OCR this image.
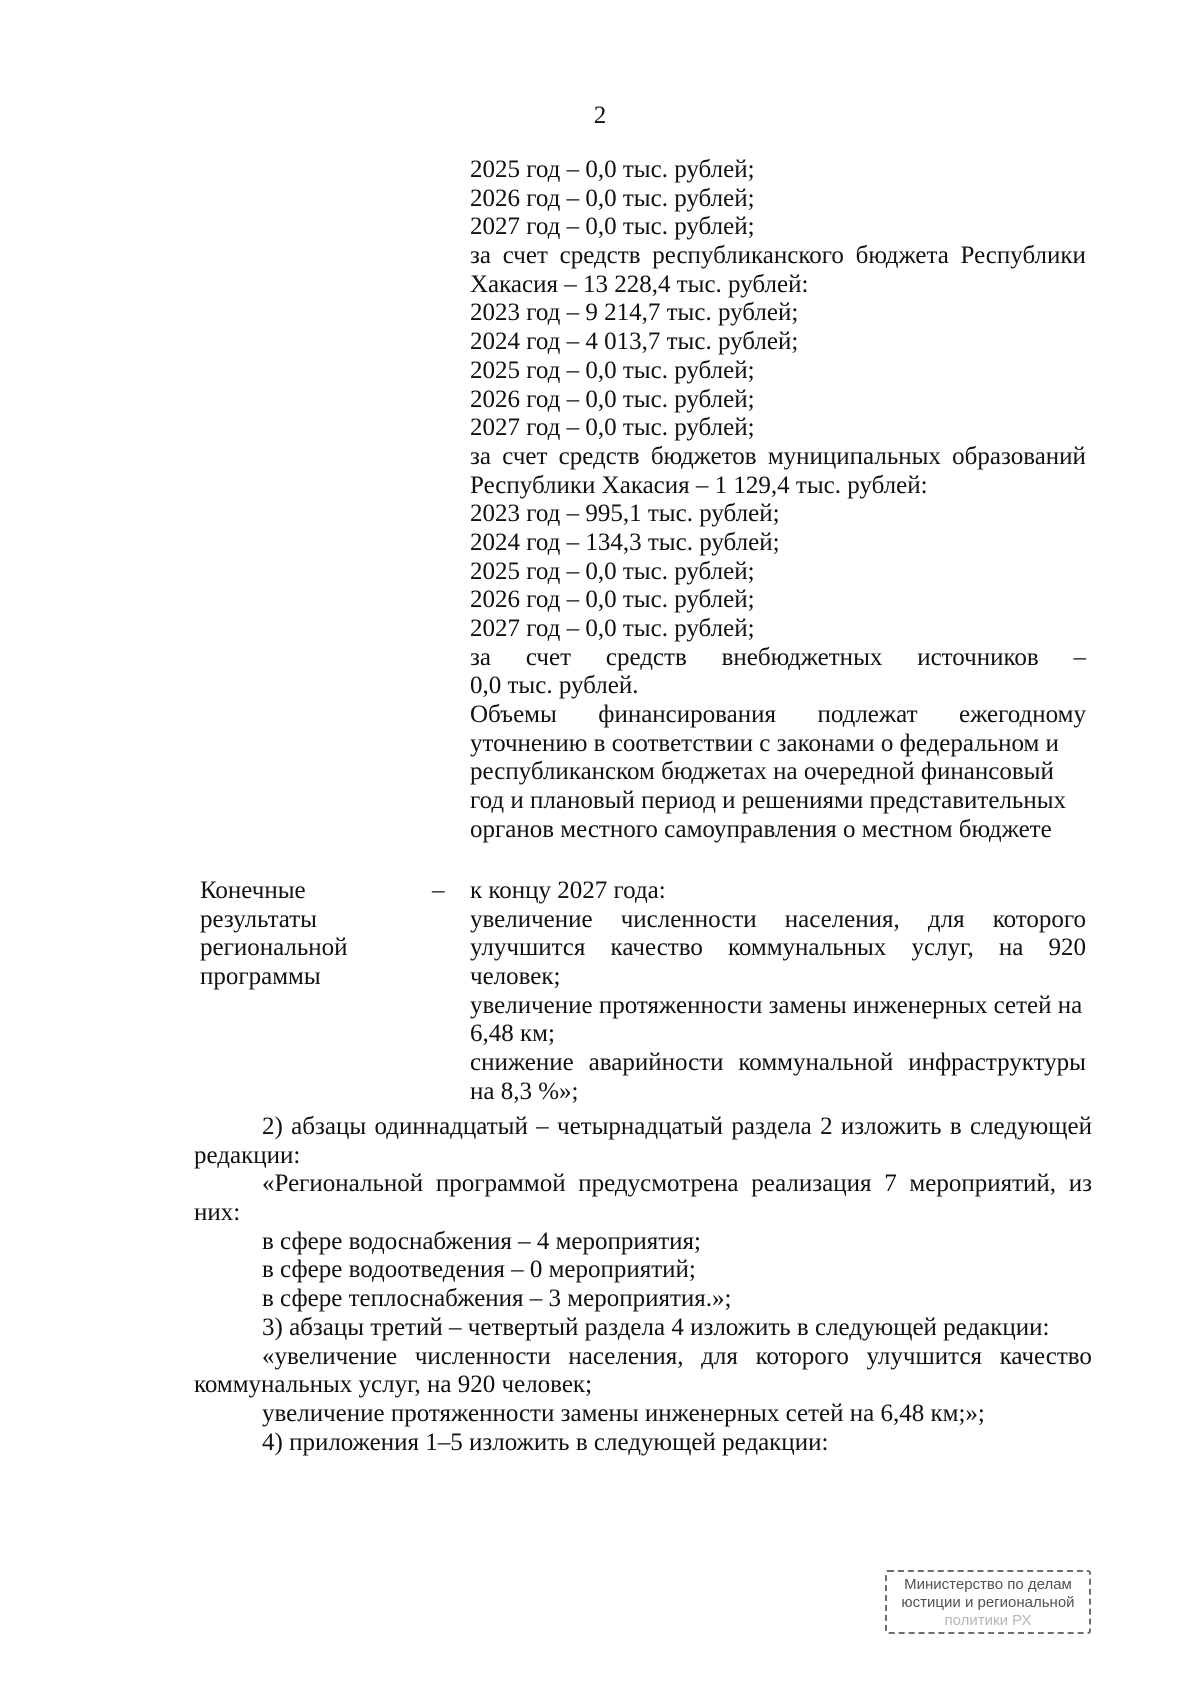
2
2025 год – 0,0 тыс. рублей;
2026 год – 0,0 тыс. рублей;
2027 год – 0,0 тыс. рублей;
за счет средств республиканского бюджета Республики
Хакасия – 13 228,4 тыс. рублей:
2023 год – 9 214,7 тыс. рублей;
2024 год – 4 013,7 тыс. рублей;
2025 год – 0,0 тыс. рублей;
2026 год – 0,0 тыс. рублей;
2027 год – 0,0 тыс. рублей;
за счет средств бюджетов муниципальных образований
Республики Хакасия – 1 129,4 тыс. рублей:
2023 год – 995,1 тыс. рублей;
2024 год – 134,3 тыс. рублей;
2025 год – 0,0 тыс. рублей;
2026 год – 0,0 тыс. рублей;
2027 год – 0,0 тыс. рублей;
за счет средств внебюджетных источников –
0,0 тыс. рублей.
Объемы финансирования подлежат ежегодному
уточнению в соответствии с законами о федеральном и
республиканском бюджетах на очередной финансовый
год и плановый период и решениями представительных
органов местного самоуправления о местном бюджете
Конечные
результаты
региональной
программы
– к концу 2027 года:
увеличение численности населения, для которого
улучшится качество коммунальных услуг, на 920
человек;
увеличение протяженности замены инженерных сетей на
6,48 км;
снижение аварийности коммунальной инфраструктуры
на 8,3 %»;
2) абзацы одиннадцатый – четырнадцатый раздела 2 изложить в следующей
редакции:
«Региональной программой предусмотрена реализация 7 мероприятий, из
них:
в сфере водоснабжения – 4 мероприятия;
в сфере водоотведения – 0 мероприятий;
в сфере теплоснабжения – 3 мероприятия.»;
3) абзацы третий – четвертый раздела 4 изложить в следующей редакции:
«увеличение численности населения, для которого улучшится качество
коммунальных услуг, на 920 человек;
увеличение протяженности замены инженерных сетей на 6,48 км;»;
4) приложения 1–5 изложить в следующей редакции:
Министерство по делам
юстиции и региональной
политики РХ
